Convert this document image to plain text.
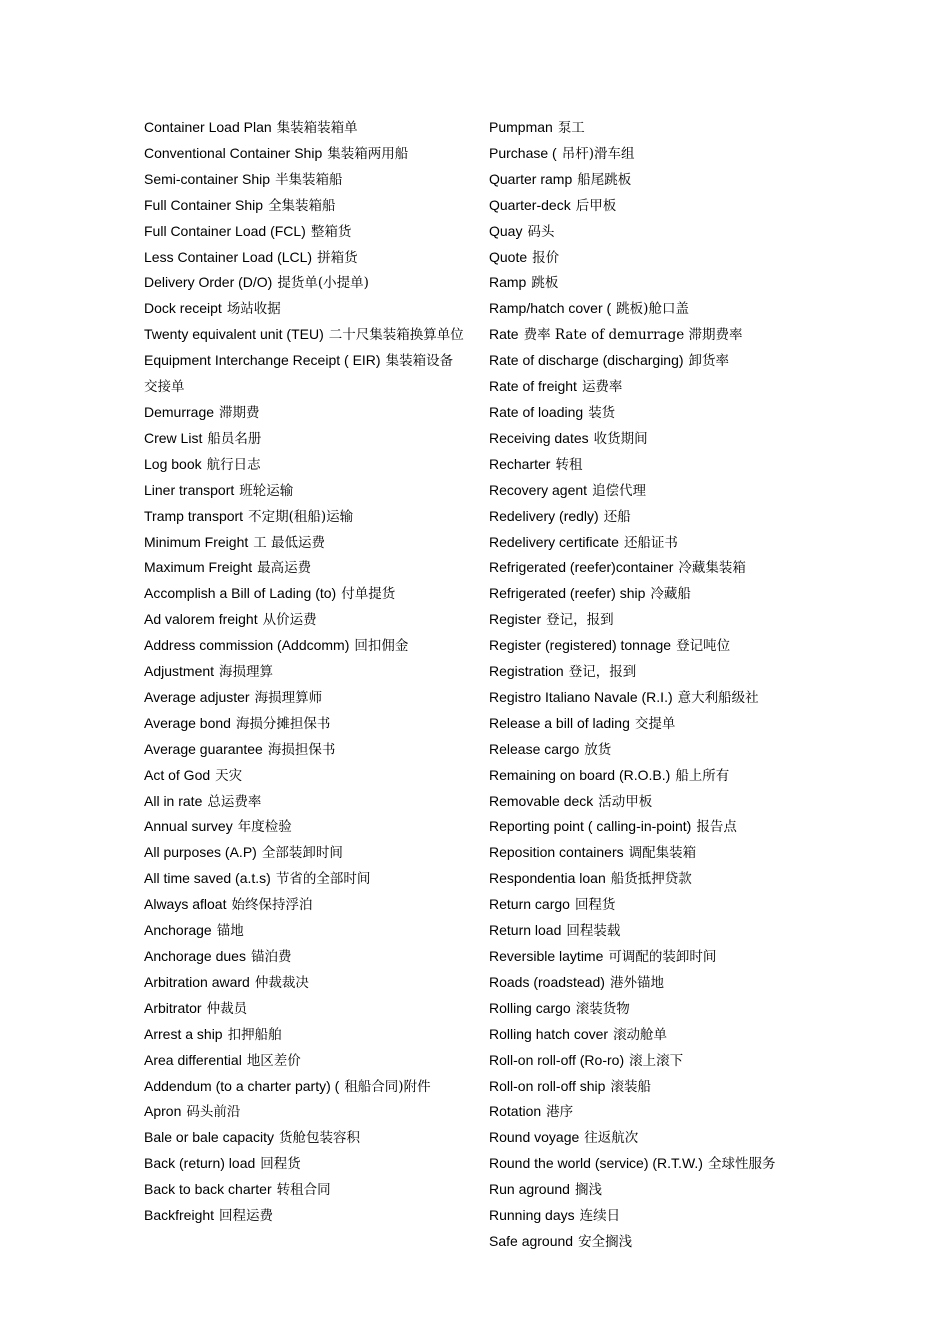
Container Load Plan 集装箱装箱单
Conventional Container Ship 集装箱两用船
Semi-container Ship 半集装箱船
Full Container Ship 全集装箱船
Full Container Load (FCL) 整箱货
Less Container Load (LCL) 拼箱货
Delivery Order (D/O) 提货单(小提单)
Dock receipt 场站收据
Twenty equivalent unit (TEU) 二十尺集装箱换算单位
Equipment Interchange Receipt ( EIR) 集装箱设备交接单
Demurrage 滞期费
Crew List 船员名册
Log book 航行日志
Liner transport 班轮运输
Tramp transport 不定期(租船)运输
Minimum Freight 工 最低运费
Maximum Freight 最高运费
Accomplish a Bill of Lading (to) 付单提货
Ad valorem freight 从价运费
Address commission (Addcomm) 回扣佣金
Adjustment 海损理算
Average adjuster 海损理算师
Average bond 海损分摊担保书
Average guarantee 海损担保书
Act of God 天灾
All in rate 总运费率
Annual survey 年度检验
All purposes (A.P) 全部装卸时间
All time saved (a.t.s) 节省的全部时间
Always afloat 始终保持浮泊
Anchorage 锚地
Anchorage dues 锚泊费
Arbitration award 仲裁裁决
Arbitrator 仲裁员
Arrest a ship 扣押船舶
Area differential 地区差价
Addendum (to a charter party) ( 租船合同)附件
Apron 码头前沿
Bale or bale capacity 货舱包装容积
Back (return) load 回程货
Back to back charter 转租合同
Backfreight 回程运费
Pumpman 泵工
Purchase ( 吊杆)滑车组
Quarter ramp 船尾跳板
Quarter-deck 后甲板
Quay 码头
Quote 报价
Ramp 跳板
Ramp/hatch cover ( 跳板)舱口盖
Rate 费率 Rate of demurrage 滞期费率
Rate of discharge (discharging) 卸货率
Rate of freight 运费率
Rate of loading 装货
Receiving dates 收货期间
Recharter 转租
Recovery agent 追偿代理
Redelivery (redly) 还船
Redelivery certificate 还船证书
Refrigerated (reefer)container 冷藏集装箱
Refrigerated (reefer) ship 冷藏船
Register 登记，报到
Register (registered) tonnage 登记吨位
Registration 登记，报到
Registro Italiano Navale (R.I.) 意大利船级社
Release a bill of lading 交提单
Release cargo 放货
Remaining on board (R.O.B.) 船上所有
Removable deck 活动甲板
Reporting point ( calling-in-point) 报告点
Reposition containers 调配集装箱
Respondentia loan 船货抵押贷款
Return cargo 回程货
Return load 回程装载
Reversible laytime 可调配的装卸时间
Roads (roadstead) 港外锚地
Rolling cargo 滚装货物
Rolling hatch cover 滚动舱单
Roll-on roll-off (Ro-ro) 滚上滚下
Roll-on roll-off ship 滚装船
Rotation 港序
Round voyage 往返航次
Round the world (service) (R.T.W.) 全球性服务
Run aground 搁浅
Running days 连续日
Safe aground 安全搁浅
